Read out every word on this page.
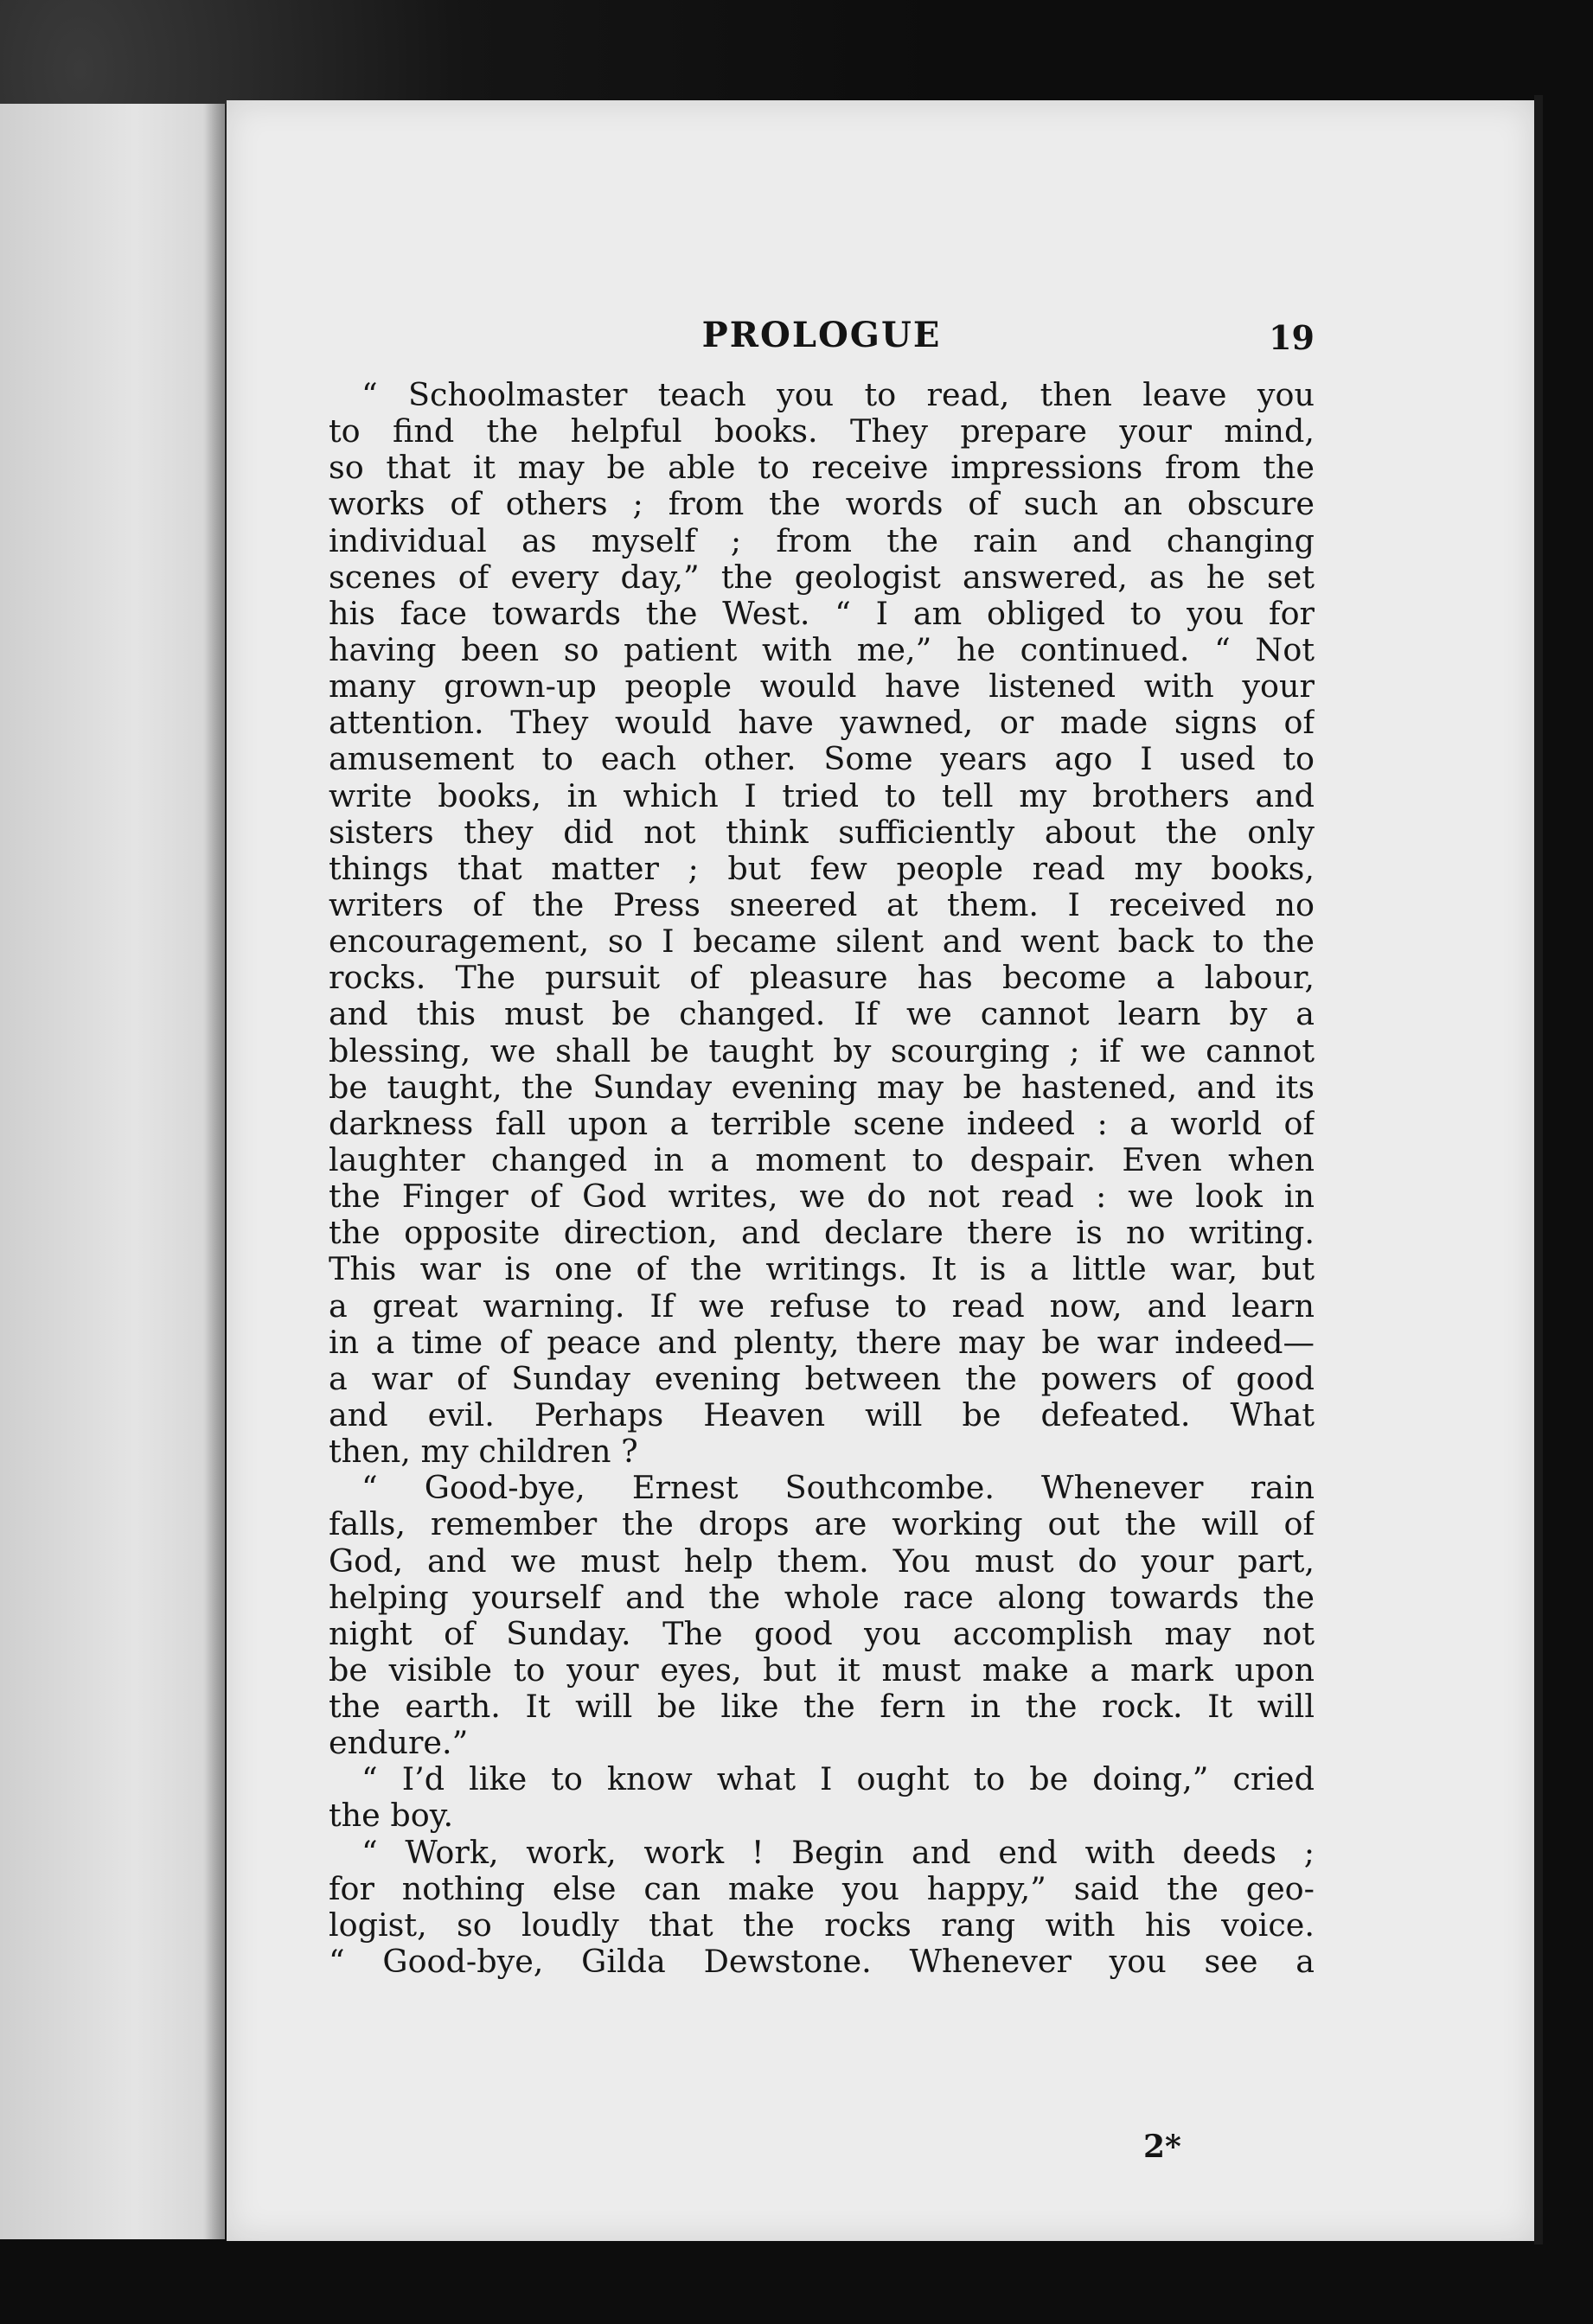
PROLOGUE	19
“ Schoolmaster teach you to read, then leave you
to find the helpful books. They prepare your mind,
so that it may be able to receive impressions from the
works of others ; from the words of such an obscure
individual as myself ; from the rain and changing
scenes of every day,” the geologist answered, as he set
his face towards the West. “ I am obliged to you for
having been so patient with me,” he continued. “ Not
many grown-up people would have listened with your
attention. They would have yawned, or made signs of
amusement to each other. Some years ago I used to
write books, in which I tried to tell my brothers and
sisters they did not think sufficiently about the only
things that matter ; but few people read my books,
writers of the Press sneered at them. I received no
encouragement, so I became silent and went back to the
rocks. The pursuit of pleasure has become a labour,
and this must be changed. If we cannot learn by a
blessing, we shall be taught by scourging ; if we cannot
be taught, the Sunday evening may be hastened, and its
darkness fall upon a terrible scene indeed : a world of
laughter changed in a moment to despair. Even when
the Finger of God writes, we do not read : we look in
the opposite direction, and declare there is no writing.
This war is one of the writings. It is a little war, but
a great warning. If we refuse to read now, and learn
in a time of peace and plenty, there may be war indeed—
a war of Sunday evening between the powers of good
and evil. Perhaps Heaven will be defeated. What
then, my children ?
“ Good-bye, Ernest Southcombe. Whenever rain
falls, remember the drops are working out the will of
God, and we must help them. You must do your part,
helping yourself and the whole race along towards the
night of Sunday. The good you accomplish may not
be visible to your eyes, but it must make a mark upon
the earth. It will be like the fern in the rock. It will
endure.”
“ I’d like to know what I ought to be doing,” cried
the boy.
“ Work, work, work ! Begin and end with deeds ;
for nothing else can make you happy,” said the geo-
logist, so loudly that the rocks rang with his voice.
“ Good-bye, Gilda Dewstone. Whenever you see a
2*
